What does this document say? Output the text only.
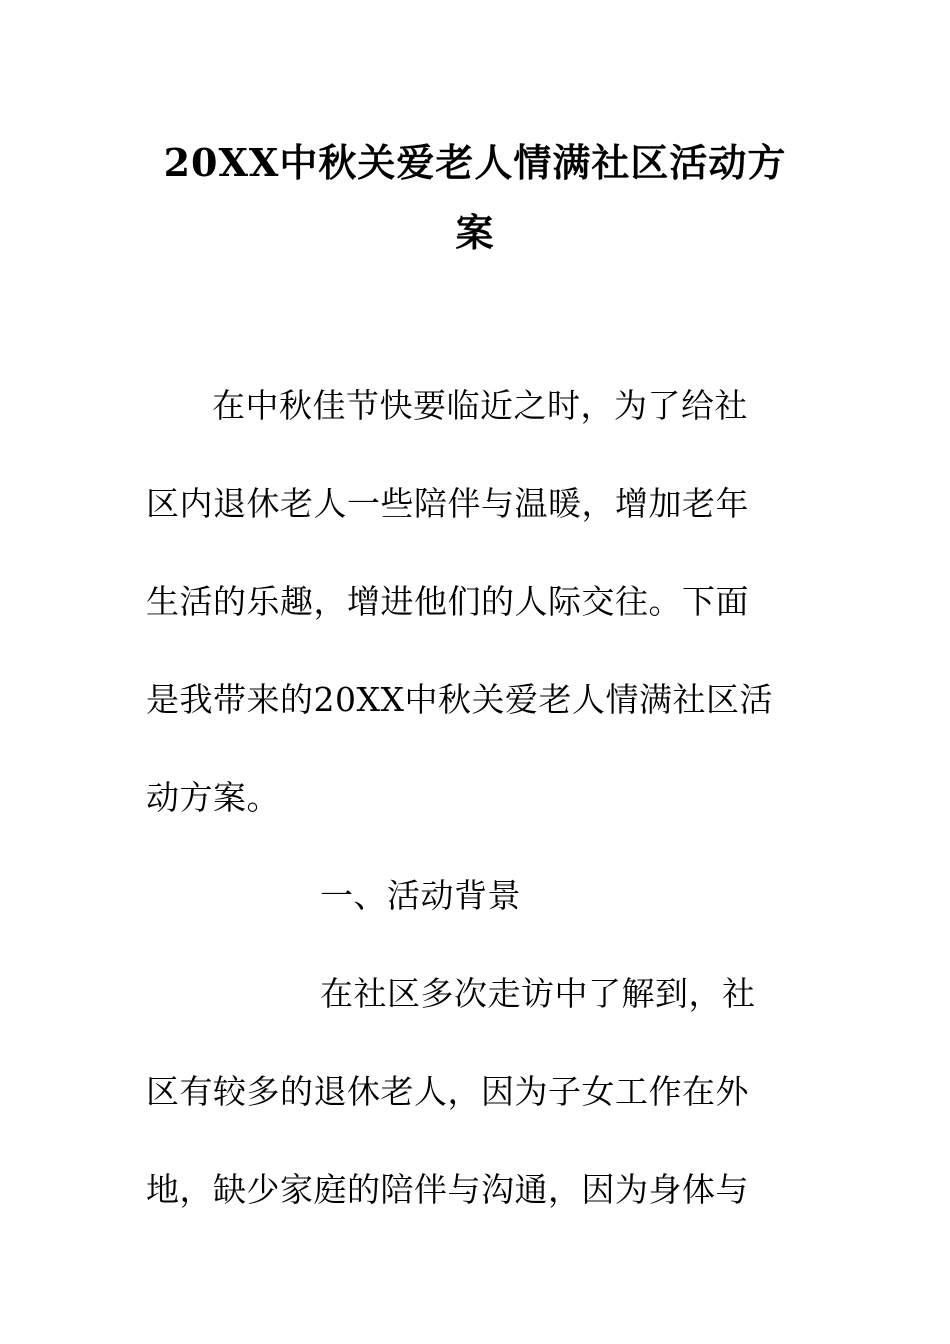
20XX中秋关爱老人情满社区活动方
案
在中秋佳节快要临近之时，为了给社
区内退休老人一些陪伴与温暖，增加老年
生活的乐趣，增进他们的人际交往。下面
是我带来的20XX中秋关爱老人情满社区活
动方案。
一、活动背景
在社区多次走访中了解到，社
区有较多的退休老人，因为子女工作在外
地，缺少家庭的陪伴与沟通，因为身体与
